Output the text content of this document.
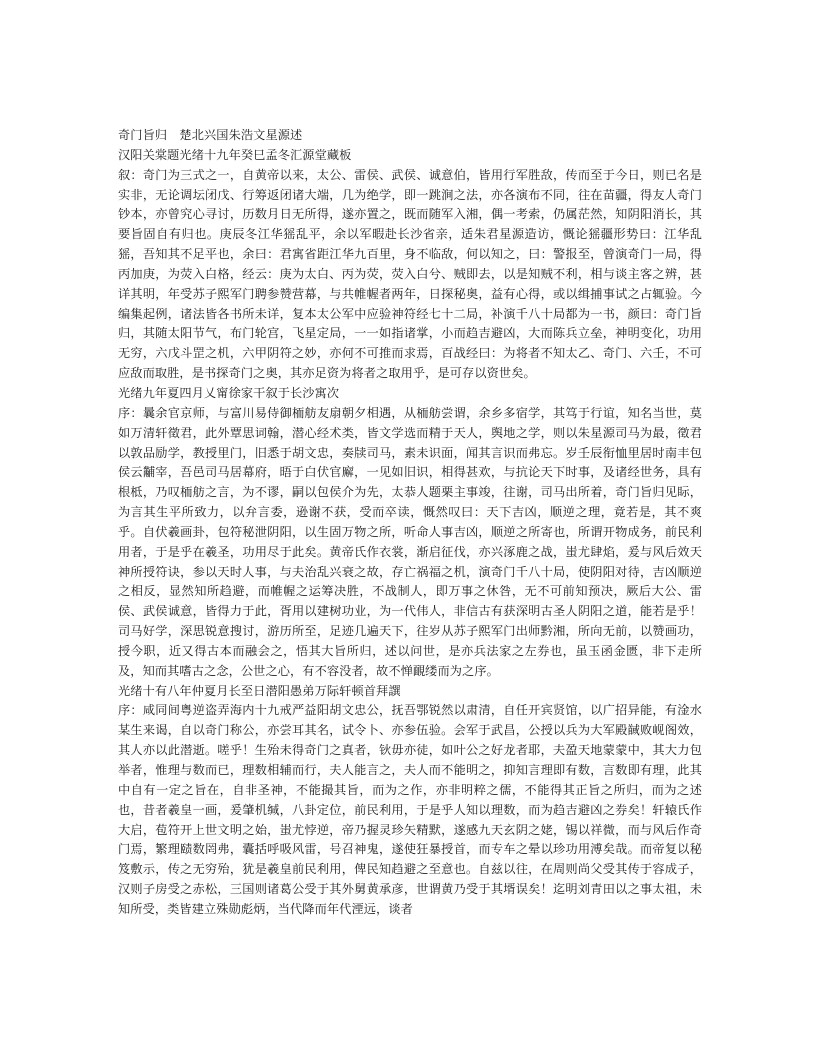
奇门旨归　楚北兴国朱浩文星源述

汉阳关棠题光绪十九年癸巳孟冬汇源堂藏板

叙：奇门为三式之一，自黄帝以来，太公、雷侯、武侯、诚意伯，皆用行军胜敌，传而至于今日，则已名是实非，无论调坛闭戊、行筹返闭诸大端，几为绝学，即一跳涧之法，亦各演布不同，往在苗疆，得友人奇门钞本，亦曾究心寻讨，历数月日无所得，遂亦置之，既而随军入湘，偶一考索，仍属茫然，知阴阳消长，其要旨固自有归也。庚辰冬江华猺乱平，余以军暇赴长沙省亲，适朱君星源造访，慨论猺疆形势曰：江华乱猺，吾知其不足平也，余曰：君寓省距江华九百里，身不临敌，何以知之，曰：警报至，曾演奇门一局，得丙加庚，为荧入白格，经云：庚为太白、丙为荧，荧入白兮、贼即去，以是知贼不利，相与谈主客之辨，甚详其明，年受苏子熙军门聘参赞营幕，与共帷幄者两年，日探秘奥，益有心得，或以缉捕事试之占辄验。今编集起例，诸法皆各书所未详，复本太公军中应验神符经七十二局，补演千八十局都为一书，颜曰：奇门旨归，其随太阳节气，布门轮宫，飞星定局，一一如指诸掌，小而趋吉避凶，大而陈兵立垒，神明变化，功用无穷，六戊斗罡之机，六甲阴符之妙，亦何不可推而求焉，百战经曰：为将者不知太乙、奇门、六壬，不可应敌而取胜，是书探奇门之奥，其亦足资为将者之取用乎，是可存以资世矣。

光绪九年夏四月乂甯徐家干叙于长沙寓次

序：曩余官京师，与富川易侍御栭舫友扇朝夕相遇，从栭舫尝谓，余乡多宿学，其笃于行谊，知名当世，莫如万清轩徵君，此外覃思词翰，潜心经术类，皆文学选而精于天人，舆地之学，则以朱星源司马为最，徵君以敦品励学，教授里门，旧悉于胡文忠，奏牍司马，素未识面，闻其言识而弗忘。岁壬辰衔恤里居时南丰包侯云黼宰，吾邑司马居幕府，晤于白伏官廨，一见如旧识，相得甚欢，与抗论天下时事，及诸经世务，具有根柢，乃叹栭舫之言，为不谬，嗣以包侯介为先，太恭人题栗主事竣，往谢，司马出所着，奇门旨归见眎，为言其生平所致力，以弁言委，逊谢不获，受而卒读，慨然叹曰：天下吉凶，顺逆之理，竟若是，其不爽乎。自伏羲画卦，包符秘泄阴阳，以生固万物之所，听命人事吉凶，顺逆之所寄也，所谓开物成务，前民利用者，于是乎在羲圣，功用尽于此矣。黄帝氏作衣裳，渐启征伐，亦兴涿鹿之战，蚩尤肆焰，爰与风后效天神所授符诀，参以天时人事，与夫治乱兴衰之故，存亡祸福之机，演奇门千八十局，使阴阳对待，吉凶顺逆之相反，显然知所趋避，而帷幄之运筹决胜，不战制人，即万事之休咎，无不可前知预决，厥后大公、雷侯、武侯诚意，皆得力于此，胥用以建树功业，为一代伟人，非信古有获深明古圣人阴阳之道，能若是乎！司马好学，深思锐意搜讨，游历所至，足迹几遍天下，往岁从苏子熙军门出师黔湘，所向无前，以赞画功，授今职，近又得古本而融会之，悟其大旨所归，述以问世，是亦兵法家之左券也，虽玉函金匮，非下走所及，知而其嗜古之念，公世之心，有不容没者，故不惮靦缕而为之序。

光绪十有八年仲夏月长至日潜阳愚弟万际轩顿首拜譔

序：咸同间粤逆盗弄海内十九戒严益阳胡文忠公，抚吾鄂锐然以肃清，自任开宾贤馆，以广招异能，有淦水某生来谒，自以奇门称公，亦尝耳其名，试令卜、亦参伍验。会军于武昌，公授以兵为大军殿馘败岘阁效，其人亦以此潜逝。嗟乎！生殆未得奇门之真者，钬毋亦徒，如叶公之好龙者耶，夫盈天地蒙蒙中，其大力包举者，惟理与数而已，理数相辅而行，夫人能言之，夫人而不能明之，抑知言理即有数，言数即有理，此其中自有一定之旨在，自非圣神，不能撮其旨，而为之作，亦非明粹之儒，不能得其正旨之所归，而为之述也，昔者羲皇一画，爰肇机缄，八卦定位，前民利用，于是乎人知以理数，而为趋吉避凶之券矣！轩辕氏作大启，苞符开上世文明之始，蚩尤悖逆，帝乃握灵珍矢精默，遂感九天玄阴之姥，锡以祥微，而与风后作奇门焉，繁理赜数罔弗，囊括呼吸风雷，号召神鬼，遂使狂暴授首，而专车之晕以珍功用溥矣哉。而帝复以秘笈敷示，传之无穷殆，犹是羲皇前民利用，俾民知趋避之至意也。自兹以往，在周则尚父受其传于容成子，汉则子房受之赤松，三国则诸葛公受于其外舅黄承彦，世谓黄乃受于其壻误矣！迄明刘青田以之事太祖，未知所受，类皆建立殊勋彪炳，当代降而年代湮远，谈者
